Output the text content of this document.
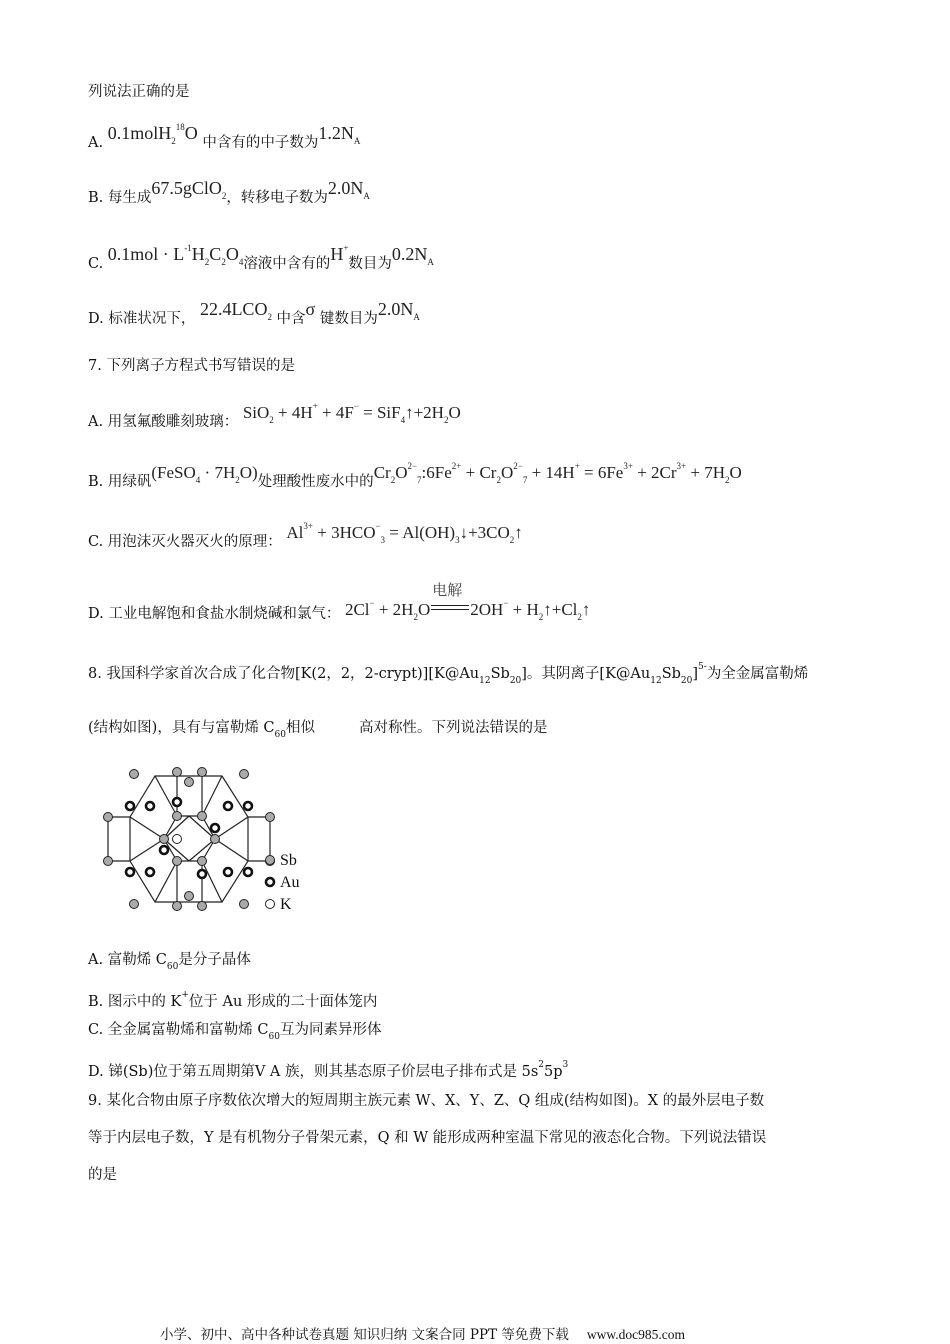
列说法正确的是
A. 0.1molH$_2^{18}$O 中含有的中子数为$1.2N_A$
B. 每生成67.5gClO$_2$，转移电子数为$2.0N_A$
C. $0.1mol \cdot L^{-1}H_2C_2O_4$溶液中含有的H+数目为$0.2N_A$
D. 标准状况下， $22.4LCO_2$ 中含σ 键数目为$2.0N_A$
7. 下列离子方程式书写错误的是
A. 用氢氟酸雕刻玻璃： $SiO_2 + 4H^+ + 4F^- = SiF_4↑+2H_2O$
B. 用绿矾(FeSO$_4$ · $7H_2O$)处理酸性废水中的$Cr_2O^{2-}_7:6Fe^{2+} + Cr_2O^{2-}_7 + 14H^+ = 6Fe^{3+} + 2Cr^{3+} + 7H_2O$
C. 用泡沫灭火器灭火的原理： $Al^{3+} + 3HCO^-_3$ = $Al(OH)_3↓+3CO_2↑$
D. 工业电解饱和食盐水制烧碱和氯气： $2Cl^- + 2H_2O$
电解
$2OH^- + H_2↑+Cl_2↑$
8. 我国科学家首次合成了化合物[K(2，2，$2-crypt)][K@Au_{12}Sb_{20}]$。其阴离子$[K@Au_{12}Sb_{20}]^{5-}$为全金属富勒烯
(结构如图)，具有与富勒烯 $C_{60}$相似	高对称性。下列说法错误的是
Sb
Au
K
A. 富勒烯 $C_{60}$是分子晶体
B. 图示中的 K+位于 Au 形成的二十面体笼内
C. 全金属富勒烯和富勒烯 $C_{60}$互为同素异形体
D. 锑(Sb)位于第五周期第Ⅴ A 族，则其基态原子价层电子排布式是 $5s^25p^3$
9. 某化合物由原子序数依次增大的短周期主族元素 W、X、Y、Z、Q 组成(结构如图)。X 的最外层电子数
等于内层电子数，Y 是有机物分子骨架元素，Q 和 W 能形成两种室温下常见的液态化合物。下列说法错误
的是
小学、初中、高中各种试卷真题 知识归纳 文案合同 PPT 等免费下载 www.doc985.com
